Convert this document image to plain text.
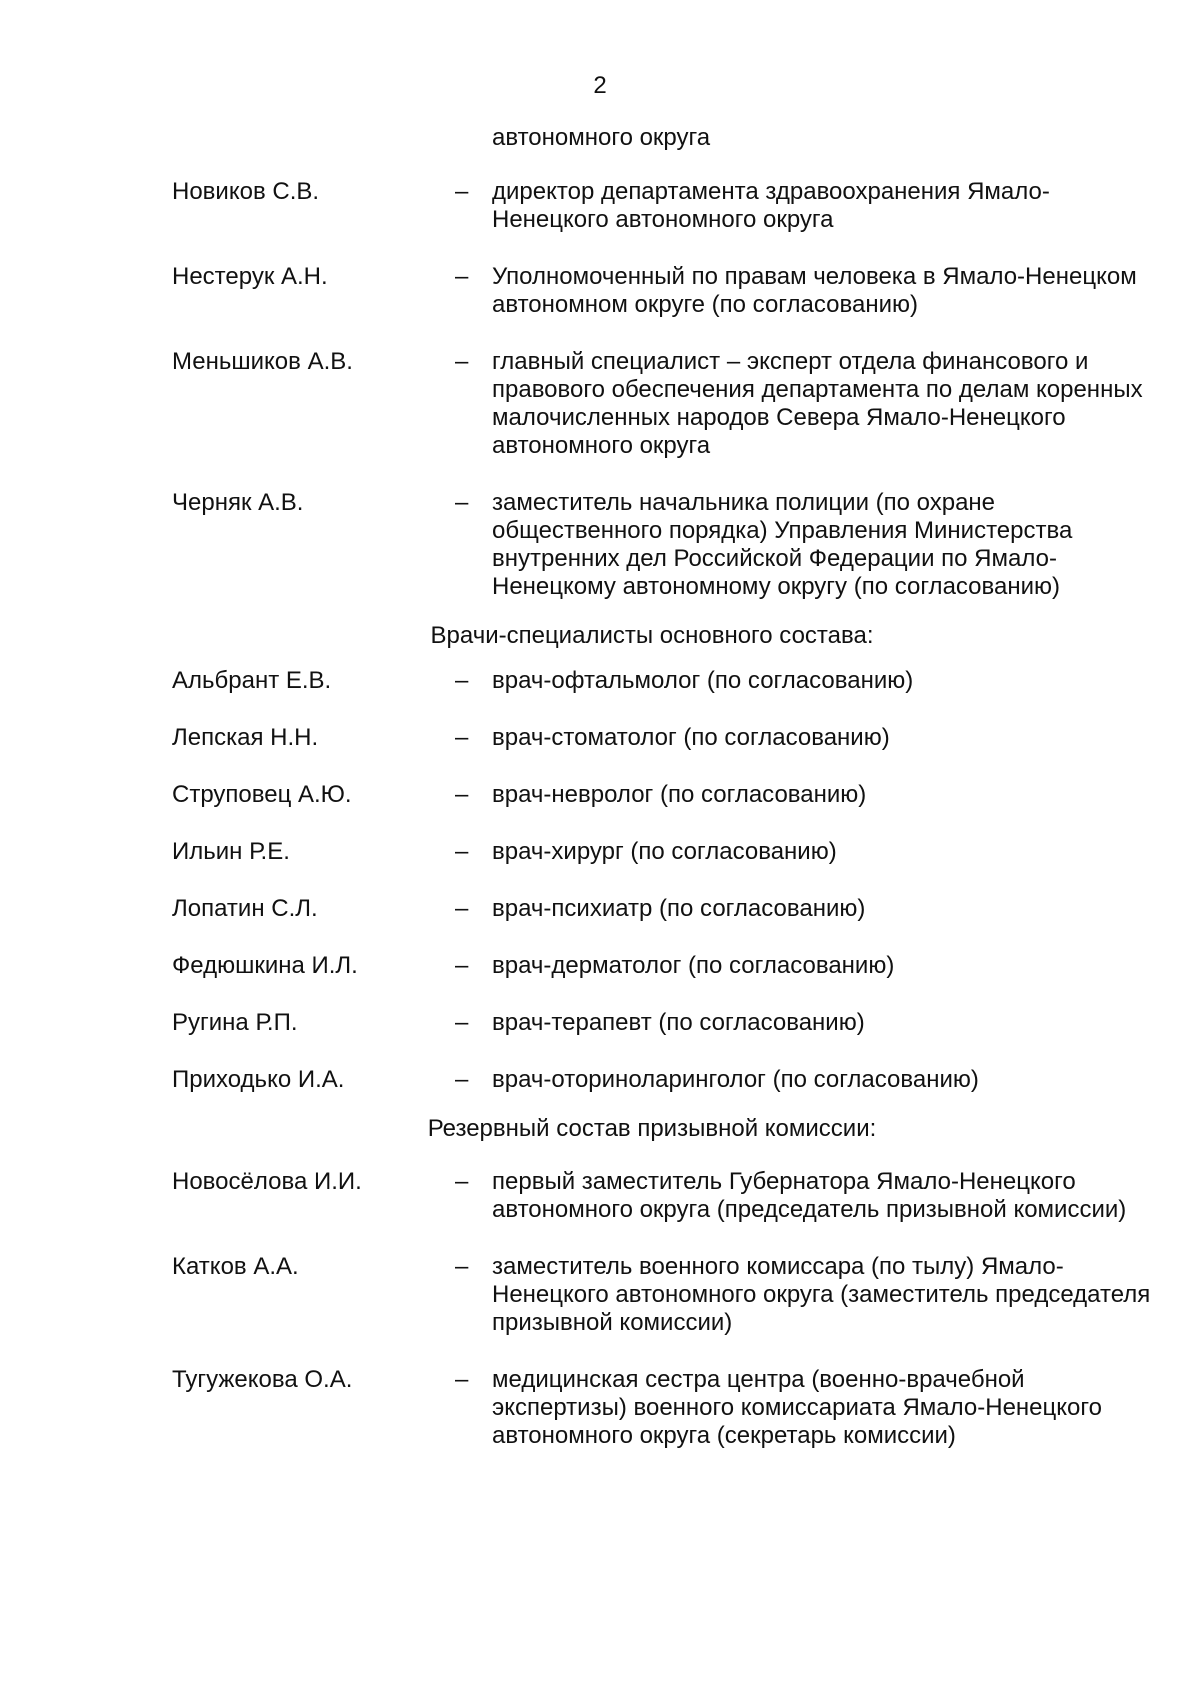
2
автономного округа
Новиков С.В.	– директор департамента здравоохранения Ямало-Ненецкого автономного округа
Нестерук А.Н.	– Уполномоченный по правам человека в Ямало-Ненецком автономном округе (по согласованию)
Меньшиков А.В.	– главный специалист – эксперт отдела финансового и правового обеспечения департамента по делам коренных малочисленных народов Севера Ямало-Ненецкого автономного округа
Черняк А.В.	– заместитель начальника полиции (по охране общественного порядка) Управления Министерства внутренних дел Российской Федерации по Ямало-Ненецкому автономному округу (по согласованию)
Врачи-специалисты основного состава:
Альбрант Е.В.	– врач-офтальмолог (по согласованию)
Лепская Н.Н.	– врач-стоматолог (по согласованию)
Струповец А.Ю.	– врач-невролог (по согласованию)
Ильин Р.Е.	– врач-хирург (по согласованию)
Лопатин С.Л.	– врач-психиатр (по согласованию)
Федюшкина И.Л.	– врач-дерматолог (по согласованию)
Ругина Р.П.	– врач-терапевт (по согласованию)
Приходько И.А.	– врач-оториноларинголог (по согласованию)
Резервный состав призывной комиссии:
Новосёлова И.И.	– первый заместитель Губернатора Ямало-Ненецкого автономного округа (председатель призывной комиссии)
Катков А.А.	– заместитель военного комиссара (по тылу) Ямало-Ненецкого автономного округа (заместитель председателя призывной комиссии)
Тугужекова О.А.	– медицинская сестра центра (военно-врачебной экспертизы) военного комиссариата Ямало-Ненецкого автономного округа (секретарь комиссии)
